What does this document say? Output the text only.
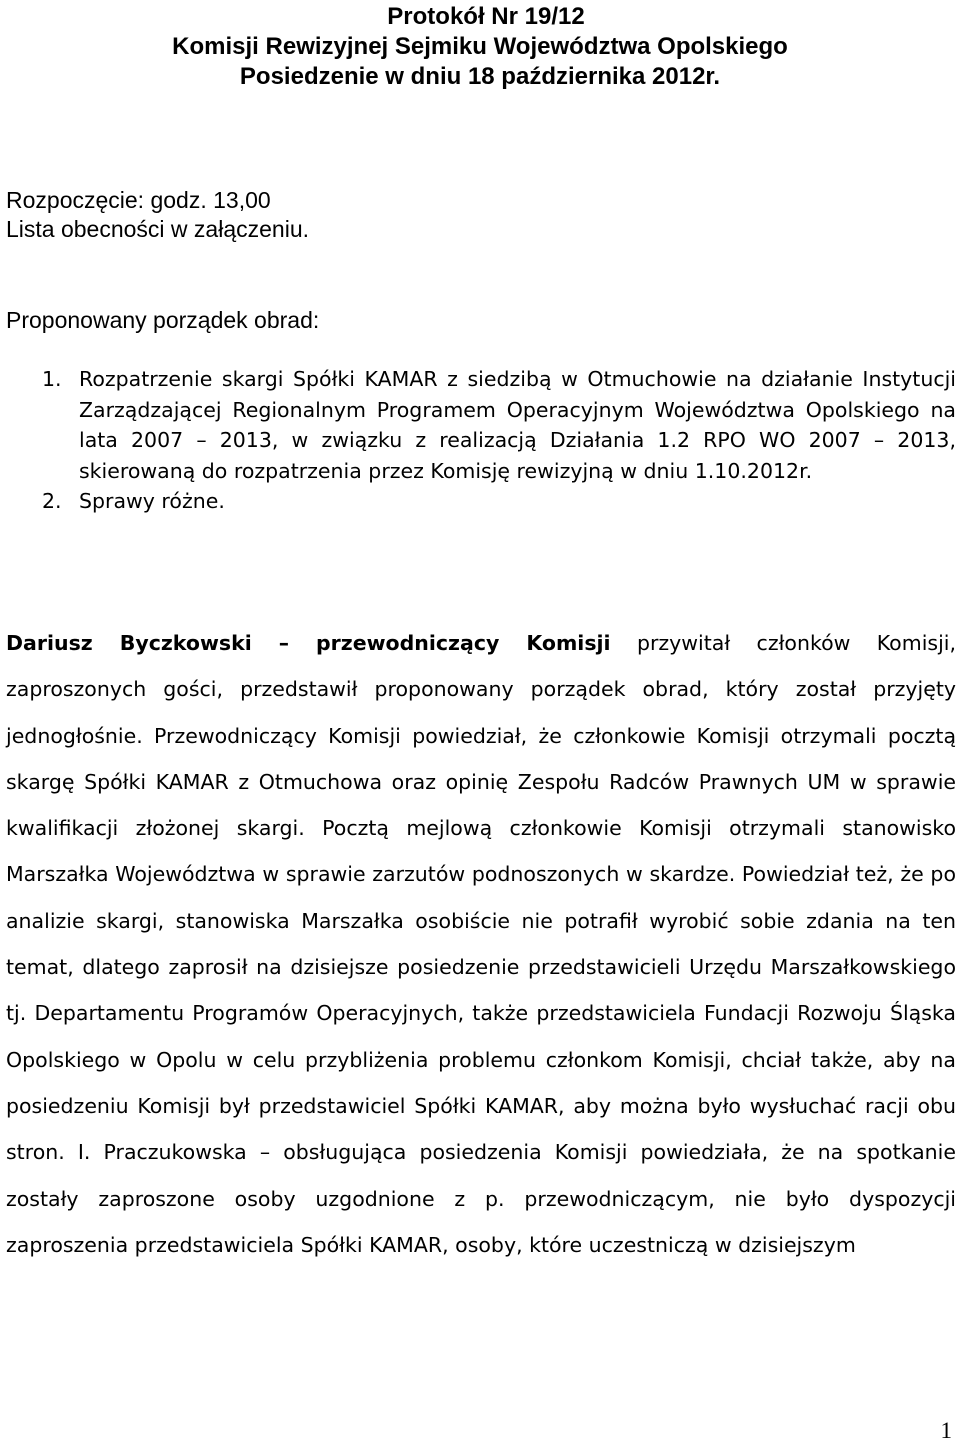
Protokół Nr 19/12
Komisji Rewizyjnej Sejmiku Województwa Opolskiego
Posiedzenie w dniu 18 października 2012r.
Rozpoczęcie: godz. 13,00
Lista obecności w załączeniu.
Proponowany porządek obrad:
1. Rozpatrzenie skargi Spółki KAMAR z siedzibą w Otmuchowie na działanie Instytucji Zarządzającej Regionalnym Programem Operacyjnym Województwa Opolskiego na lata 2007 – 2013, w związku z realizacją Działania 1.2 RPO WO 2007 – 2013, skierowaną do rozpatrzenia przez Komisję rewizyjną w dniu 1.10.2012r.
2. Sprawy różne.
Dariusz Byczkowski – przewodniczący Komisji przywitał członków Komisji, zaproszonych gości, przedstawił proponowany porządek obrad, który został przyjęty jednogłośnie. Przewodniczący Komisji powiedział, że członkowie Komisji otrzymali pocztą skargę Spółki KAMAR z Otmuchowa oraz opinię Zespołu Radców Prawnych UM w sprawie kwalifikacji złożonej skargi. Pocztą mejlową członkowie Komisji otrzymali stanowisko Marszałka Województwa w sprawie zarzutów podnoszonych w skardze. Powiedział też, że po analizie skargi, stanowiska Marszałka osobiście nie potrafił wyrobić sobie zdania na ten temat, dlatego zaprosił na dzisiejsze posiedzenie przedstawicieli Urzędu Marszałkowskiego tj. Departamentu Programów Operacyjnych, także przedstawiciela Fundacji Rozwoju Śląska Opolskiego w Opolu w celu przybliżenia problemu członkom Komisji, chciał także, aby na posiedzeniu Komisji był przedstawiciel Spółki KAMAR, aby można było wysłuchać racji obu stron. I. Praczukowska – obsługująca posiedzenia Komisji powiedziała, że na spotkanie zostały zaproszone osoby uzgodnione z p. przewodniczącym, nie było dyspozycji zaproszenia przedstawiciela Spółki KAMAR, osoby, które uczestniczą w dzisiejszym
1
